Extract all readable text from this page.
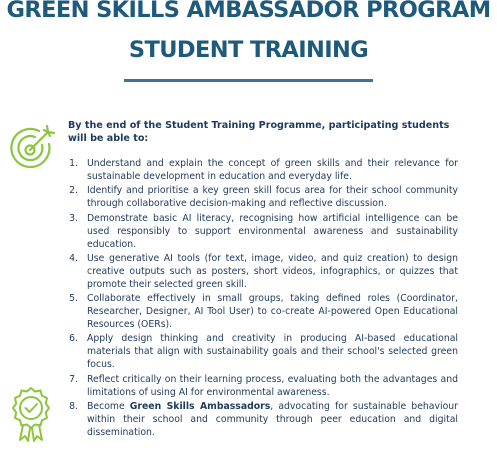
GREEN SKILLS AMBASSADOR PROGRAM
STUDENT TRAINING
By the end of the Student Training Programme, participating students will be able to:
1. Understand and explain the concept of green skills and their relevance for sustainable development in education and everyday life.
2. Identify and prioritise a key green skill focus area for their school community through collaborative decision-making and reflective discussion.
3. Demonstrate basic AI literacy, recognising how artificial intelligence can be used responsibly to support environmental awareness and sustainability education.
4. Use generative AI tools (for text, image, video, and quiz creation) to design creative outputs such as posters, short videos, infographics, or quizzes that promote their selected green skill.
5. Collaborate effectively in small groups, taking defined roles (Coordinator, Researcher, Designer, AI Tool User) to co-create AI-powered Open Educational Resources (OERs).
6. Apply design thinking and creativity in producing AI-based educational materials that align with sustainability goals and their school's selected green focus.
7. Reflect critically on their learning process, evaluating both the advantages and limitations of using AI for environmental awareness.
8. Become Green Skills Ambassadors, advocating for sustainable behaviour within their school and community through peer education and digital dissemination.
